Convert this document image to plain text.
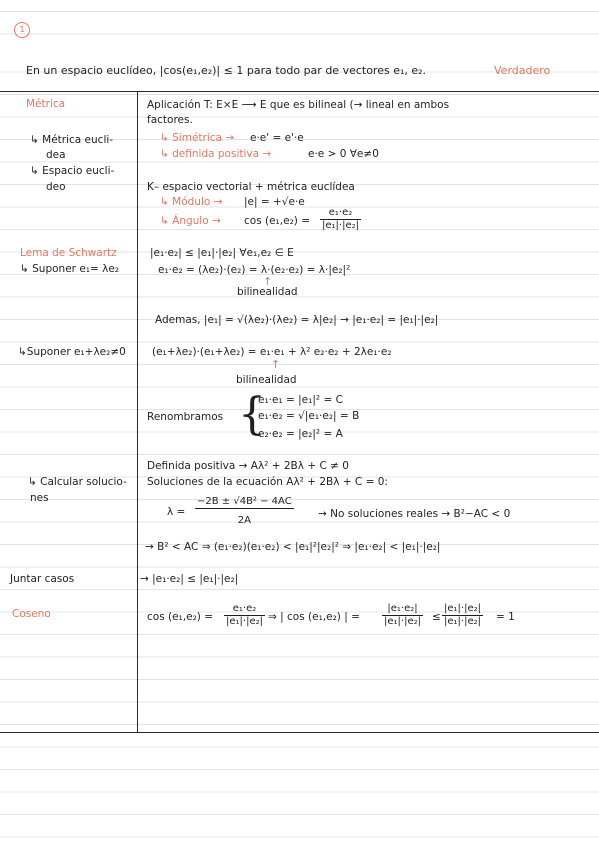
1
En un espacio euclídeo, |cos(e₁,e₂)| ≤ 1 para todo par de vectores e₁, e₂.	Verdadero
Métrica
↳ Métrica eucli-
dea
↳ Espacio eucli-
deo
Lema de Schwartz
↳ Suponer e₁= λe₂
↳Suponer e₁+λe₂≠0
↳ Calcular solucio-
nes
Juntar casos
Coseno
Aplicación T: E×E ⟶ E que es bilineal (→ lineal en ambos
factores.
↳ Simétrica → e·e' = e'·e
↳ definida positiva →	e·e > 0 ∀e≠0
K– espacio vectorial + métrica euclídea
↳ Módulo → |e| = +√e·e
↳ Ángulo → $\cos (e_1,e_2) = \frac{\text{e₁·e₂}}{\text{|e₁|·|e₂|}}$
|e₁·e₂| ≤ |e₁|·|e₂| ∀e₁,e₂ ∈ E
e₁·e₂ = (λe₂)·(e₂) = λ·(e₂·e₂) = λ·|e₂|²
↑
bilinealidad
Ademas, |e₁| = √(λe₂)·(λe₂) = λ|e₂| → |e₁·e₂| = |e₁|·|e₂|
(e₁+λe₂)·(e₁+λe₂) = e₁·e₁ + λ² e₂·e₂ + 2λe₁·e₂
↑
bilinealidad
Renombramos {
e₁·e₁ = |e₁|² = C
e₁·e₂ = √|e₁·e₂| = B
e₂·e₂ = |e₂|² = A
Definida positiva → Aλ² + 2Bλ + C ≠ 0
Soluciones de la ecuación Aλ² + 2Bλ + C = 0:
$\lambda = \frac{\text{−2B ± √4B² − 4AC}}{2A} \to No$ soluciones reales → B²−AC < 0
→ B² < AC ⇒ (e₁·e₂)(e₁·e₂) < |e₁|²|e₂|² ⇒ |e₁·e₂| < |e₁|·|e₂|
→ |e₁·e₂| ≤ |e₁|·|e₂|
$\cos (e_1,e_2) = \frac{\text{e₁·e₂}}{\text{|e₁|·|e₂|}}$ ⇒ | cos (e₁,e₂) | = $\frac{\text{|e₁·e₂|}}{\text{|e₁|·|e₂|}} \le \frac{\text{|e₁|·|e₂|}}{\text{|e₁|·|e₂|}} = 1$
